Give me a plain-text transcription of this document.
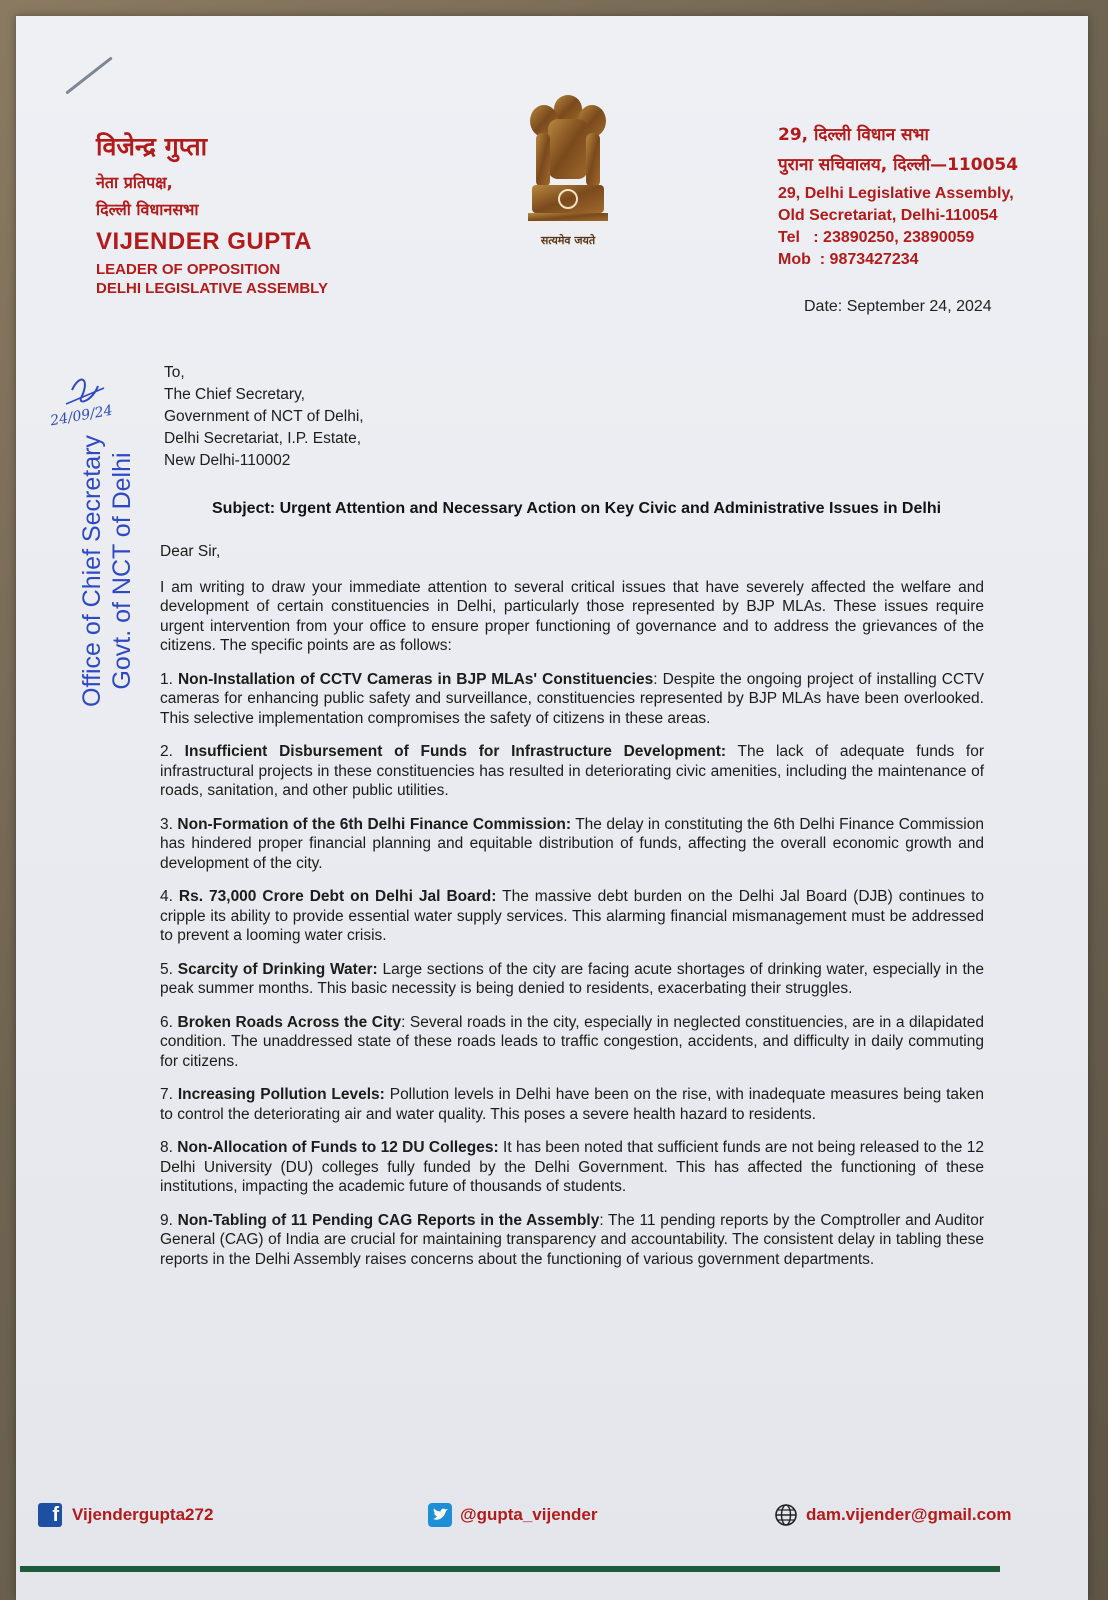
विजेन्द्र गुप्ता
नेता प्रतिपक्ष,
दिल्ली विधानसभा
VIJENDER GUPTA
LEADER OF OPPOSITION
DELHI LEGISLATIVE ASSEMBLY
सत्यमेव जयते
29, दिल्ली विधान सभा
पुराना सचिवालय, दिल्ली—110054
29, Delhi Legislative Assembly,
Old Secretariat, Delhi-110054
Tel   : 23890250, 23890059
Mob  : 9873427234
Date: September 24, 2024
Office of Chief Secretary Govt. of NCT of Delhi
24/09/24
To,
The Chief Secretary,
Government of NCT of Delhi,
Delhi Secretariat, I.P. Estate,
New Delhi-110002
Subject: Urgent Attention and Necessary Action on Key Civic and Administrative Issues in Delhi

Dear Sir,

I am writing to draw your immediate attention to several critical issues that have severely affected the welfare and development of certain constituencies in Delhi, particularly those represented by BJP MLAs. These issues require urgent intervention from your office to ensure proper functioning of governance and to address the grievances of the citizens. The specific points are as follows:

1. Non-Installation of CCTV Cameras in BJP MLAs' Constituencies: Despite the ongoing project of installing CCTV cameras for enhancing public safety and surveillance, constituencies represented by BJP MLAs have been overlooked. This selective implementation compromises the safety of citizens in these areas.

2. Insufficient Disbursement of Funds for Infrastructure Development: The lack of adequate funds for infrastructural projects in these constituencies has resulted in deteriorating civic amenities, including the maintenance of roads, sanitation, and other public utilities.

3. Non-Formation of the 6th Delhi Finance Commission: The delay in constituting the 6th Delhi Finance Commission has hindered proper financial planning and equitable distribution of funds, affecting the overall economic growth and development of the city.

4. Rs. 73,000 Crore Debt on Delhi Jal Board: The massive debt burden on the Delhi Jal Board (DJB) continues to cripple its ability to provide essential water supply services. This alarming financial mismanagement must be addressed to prevent a looming water crisis.

5. Scarcity of Drinking Water: Large sections of the city are facing acute shortages of drinking water, especially in the peak summer months. This basic necessity is being denied to residents, exacerbating their struggles.

6. Broken Roads Across the City: Several roads in the city, especially in neglected constituencies, are in a dilapidated condition. The unaddressed state of these roads leads to traffic congestion, accidents, and difficulty in daily commuting for citizens.

7. Increasing Pollution Levels: Pollution levels in Delhi have been on the rise, with inadequate measures being taken to control the deteriorating air and water quality. This poses a severe health hazard to residents.

8. Non-Allocation of Funds to 12 DU Colleges: It has been noted that sufficient funds are not being released to the 12 Delhi University (DU) colleges fully funded by the Delhi Government. This has affected the functioning of these institutions, impacting the academic future of thousands of students.

9. Non-Tabling of 11 Pending CAG Reports in the Assembly: The 11 pending reports by the Comptroller and Auditor General (CAG) of India are crucial for maintaining transparency and accountability. The consistent delay in tabling these reports in the Delhi Assembly raises concerns about the functioning of various government departments.

f Vijendergupta272	@gupta_vijender	dam.vijender@gmail.com
